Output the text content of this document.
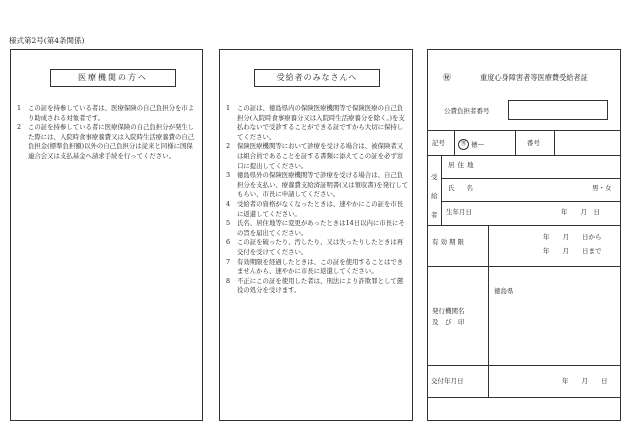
様式第2号(第4条関係)
医療機関の方へ
1 この証を持参している者は、医療保険の自己負担分を市より助成される対象者です。
2 この証を持参している者に医療保険の自己負担分が発生した際には、入院時食事療養費又は入院時生活療養費の自己負担金(標準負担額)以外の自己負担分は従来と同様に国保連合会又は支払基金へ請求手続を行ってください。
受給者のみなさんへ
1 この証は、徳島県内の保険医療機関等で保険医療の自己負担分(入院時食事療養分又は入院時生活療養分を除く。)を支払わないで受診することができる証ですから大切に保持してください。
2 保険医療機関等において診療を受ける場合は、被保険者又は組合員であることを証する書類に添えてこの証を必ず窓口に提出してください。
3 徳島県外の保険医療機関等で診療を受ける場合は、自己負担分を支払い、療養費支給済証明書(又は領収書)を発行してもらい、市長に申請してください。
4 受給者の資格がなくなったときは、速やかにこの証を市長に返還してください。
5 氏名、居住地等に変更があったときは14日以内に市長にその旨を届出てください。
6 この証を破ったり、汚したり、又は失ったりしたときは再交付を受けてください。
7 有効期限を経過したときは、この証を使用することはできませんから、速やかに市長に返還してください。
8 不正にこの証を使用した者は、刑法により詐欺罪として懲役の処分を受けます。
㊙	重度心身障害者等医療費受給者証
公費負担者番号
記号	㊚ 徳—	番号
受給者
居住地
氏名	男・女
生年月日	年　　月　日
有効期限
年　　月　　日から
年　　月　　日まで
発行機関名
及　び　印
徳島県
交付年月日	年　　月　　日
